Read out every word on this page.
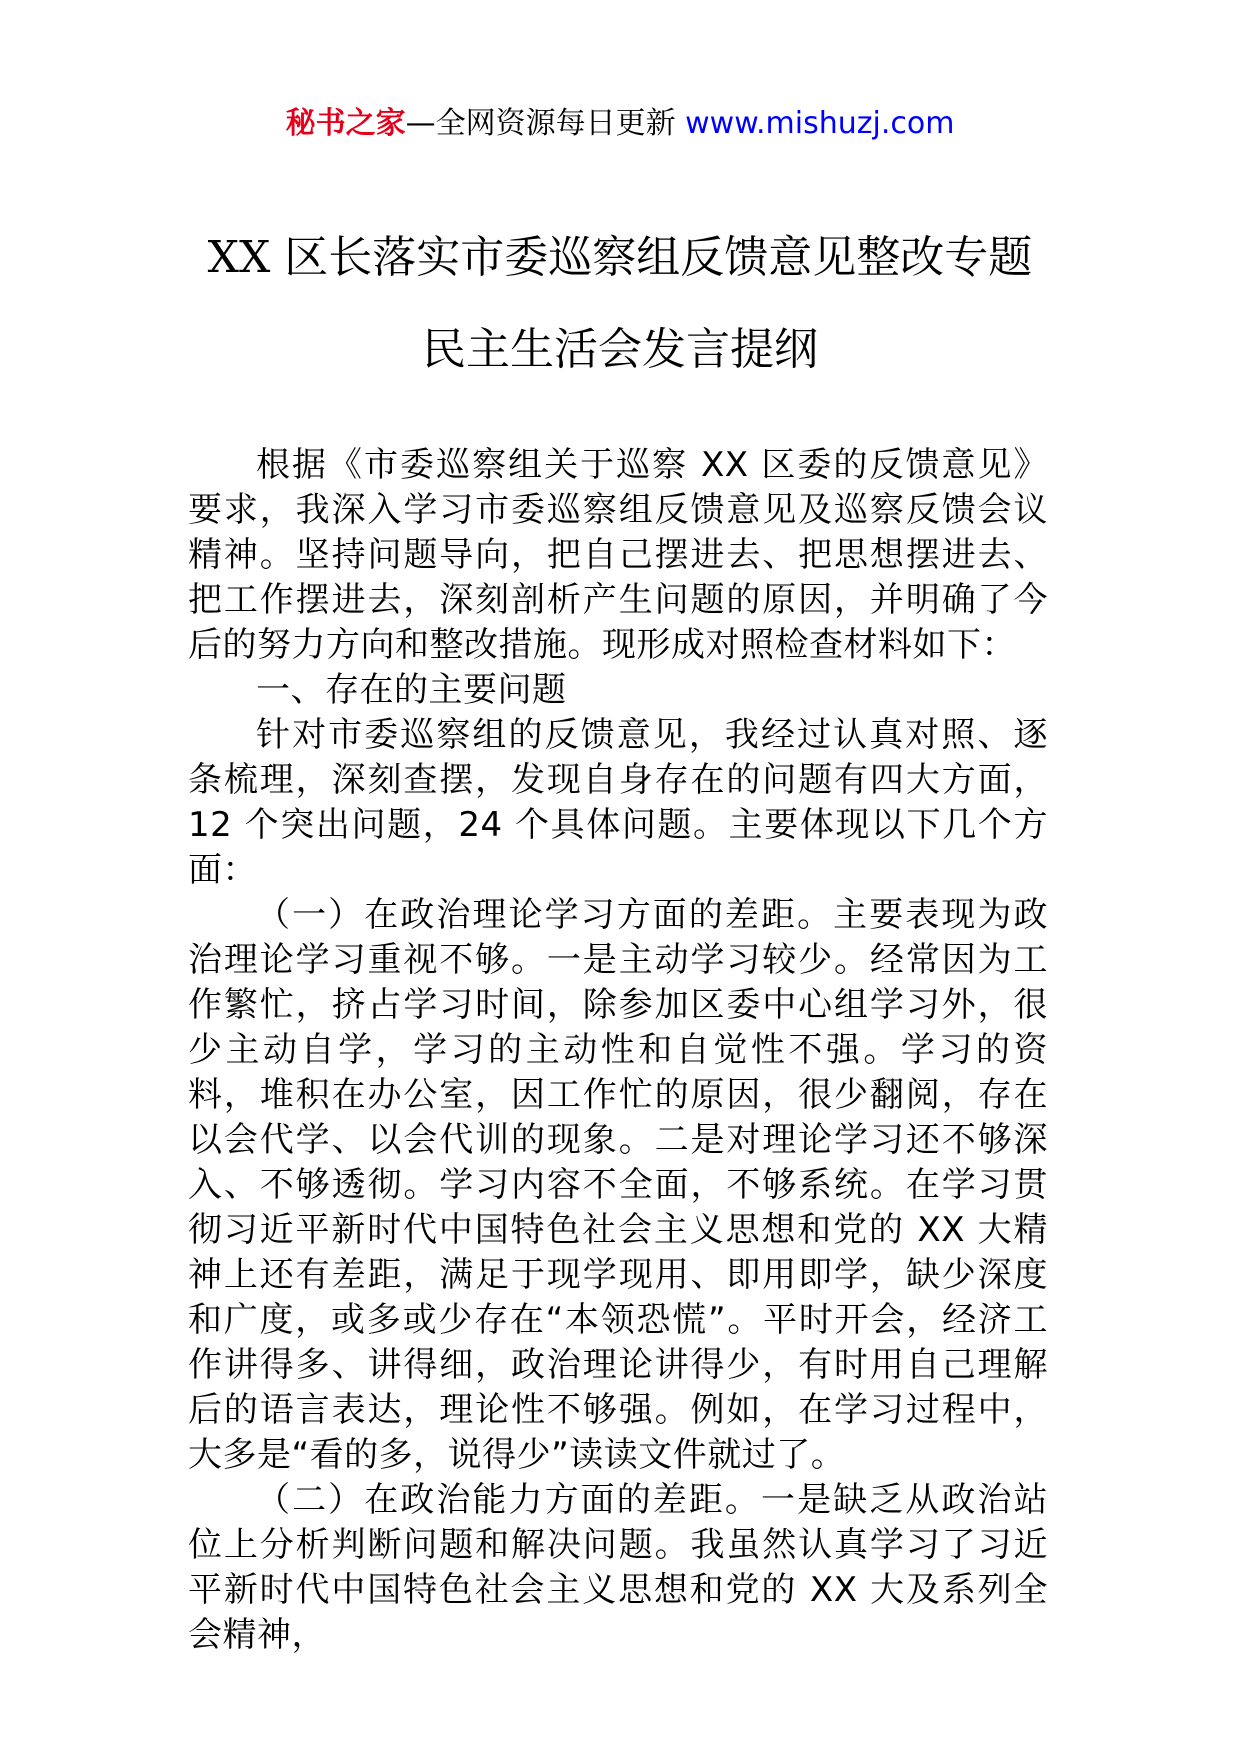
秘书之家—全网资源每日更新 www.mishuzj.com
XX 区长落实市委巡察组反馈意见整改专题
民主生活会发言提纲

根据《市委巡察组关于巡察 XX 区委的反馈意见》要求，我深入学习市委巡察组反馈意见及巡察反馈会议精神。坚持问题导向，把自己摆进去、把思想摆进去、把工作摆进去，深刻剖析产生问题的原因，并明确了今后的努力方向和整改措施。现形成对照检查材料如下：

一、存在的主要问题

针对市委巡察组的反馈意见，我经过认真对照、逐条梳理，深刻查摆，发现自身存在的问题有四大方面，12 个突出问题，24 个具体问题。主要体现以下几个方面：

（一）在政治理论学习方面的差距。主要表现为政治理论学习重视不够。一是主动学习较少。经常因为工作繁忙，挤占学习时间，除参加区委中心组学习外，很少主动自学，学习的主动性和自觉性不强。学习的资料，堆积在办公室，因工作忙的原因，很少翻阅，存在以会代学、以会代训的现象。二是对理论学习还不够深入、不够透彻。学习内容不全面，不够系统。在学习贯彻习近平新时代中国特色社会主义思想和党的 XX 大精神上还有差距，满足于现学现用、即用即学，缺少深度和广度，或多或少存在“本领恐慌”。平时开会，经济工作讲得多、讲得细，政治理论讲得少，有时用自己理解后的语言表达，理论性不够强。例如，在学习过程中，大多是“看的多，说得少”读读文件就过了。

（二）在政治能力方面的差距。一是缺乏从政治站位上分析判断问题和解决问题。我虽然认真学习了习近平新时代中国特色社会主义思想和党的 XX 大及系列全会精神，
